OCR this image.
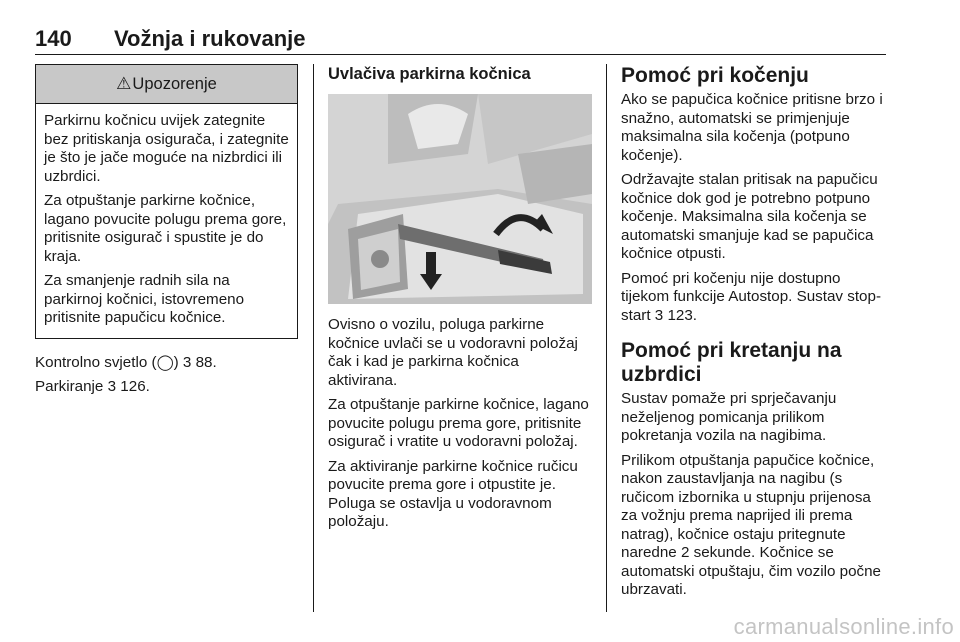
140 Vožnja i rukovanje
⚠ Upozorenje

Parkirnu kočnicu uvijek zategnite bez pritiskanja osigurača, i zategnite je što je jače moguće na nizbrdici ili uzbrdici.

Za otpuštanje parkirne kočnice, lagano povucite polugu prema gore, pritisnite osigurač i spustite je do kraja.

Za smanjenje radnih sila na parkirnoj kočnici, istovremeno pritisnite papučicu kočnice.

Kontrolno svjetlo (◯) 3 88.

Parkiranje 3 126.

Uvlačiva parkirna kočnica

Ovisno o vozilu, poluga parkirne kočnice uvlači se u vodoravni položaj čak i kad je parkirna kočnica aktivirana.

Za otpuštanje parkirne kočnice, lagano povucite polugu prema gore, pritisnite osigurač i vratite u vodoravni položaj.

Za aktiviranje parkirne kočnice ručicu povucite prema gore i otpustite je. Poluga se ostavlja u vodoravnom položaju.

Pomoć pri kočenju

Ako se papučica kočnice pritisne brzo i snažno, automatski se primjenjuje maksimalna sila kočenja (potpuno kočenje).

Održavajte stalan pritisak na papučicu kočnice dok god je potrebno potpuno kočenje. Maksimalna sila kočenja se automatski smanjuje kad se papučica kočnice otpusti.

Pomoć pri kočenju nije dostupno tijekom funkcije Autostop. Sustav stop-start 3 123.

Pomoć pri kretanju na uzbrdici

Sustav pomaže pri sprječavanju neželjenog pomicanja prilikom pokretanja vozila na nagibima.

Prilikom otpuštanja papučice kočnice, nakon zaustavljanja na nagibu (s ručicom izbornika u stupnju prijenosa za vožnju prema naprijed ili prema natrag), kočnice ostaju pritegnute naredne 2 sekunde. Kočnice se automatski otpuštaju, čim vozilo počne ubrzavati.

carmanualsonline.info
